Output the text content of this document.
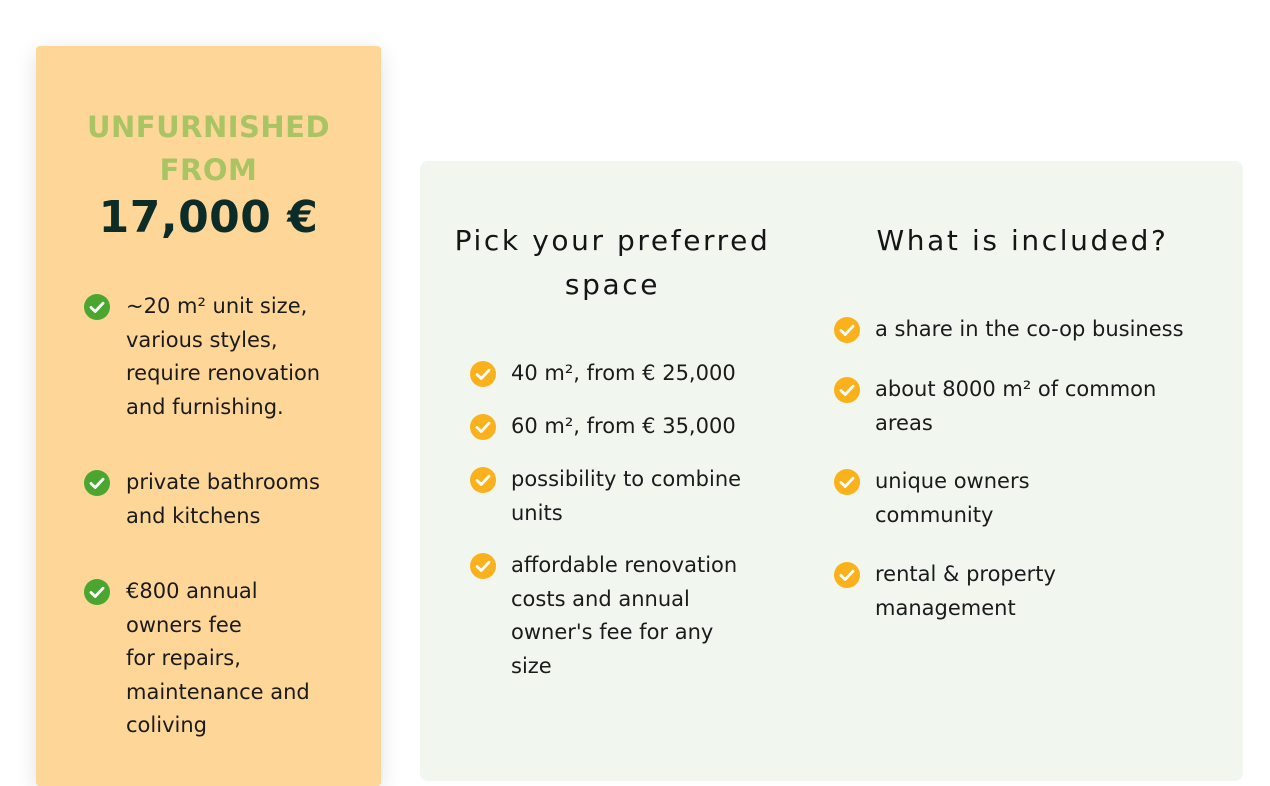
UNFURNISHED
FROM
17,000 €
~20 m² unit size,
various styles,
require renovation
and furnishing.
private bathrooms
and kitchens
€800 annual
owners fee
for repairs,
maintenance and
coliving
Pick your preferred
space
40 m², from € 25,000
60 m², from € 35,000
possibility to combine
units
affordable renovation
costs and annual
owner's fee for any
size
What is included?
a share in the co-op business
about 8000 m² of common
areas
unique owners
community
rental & property
management
